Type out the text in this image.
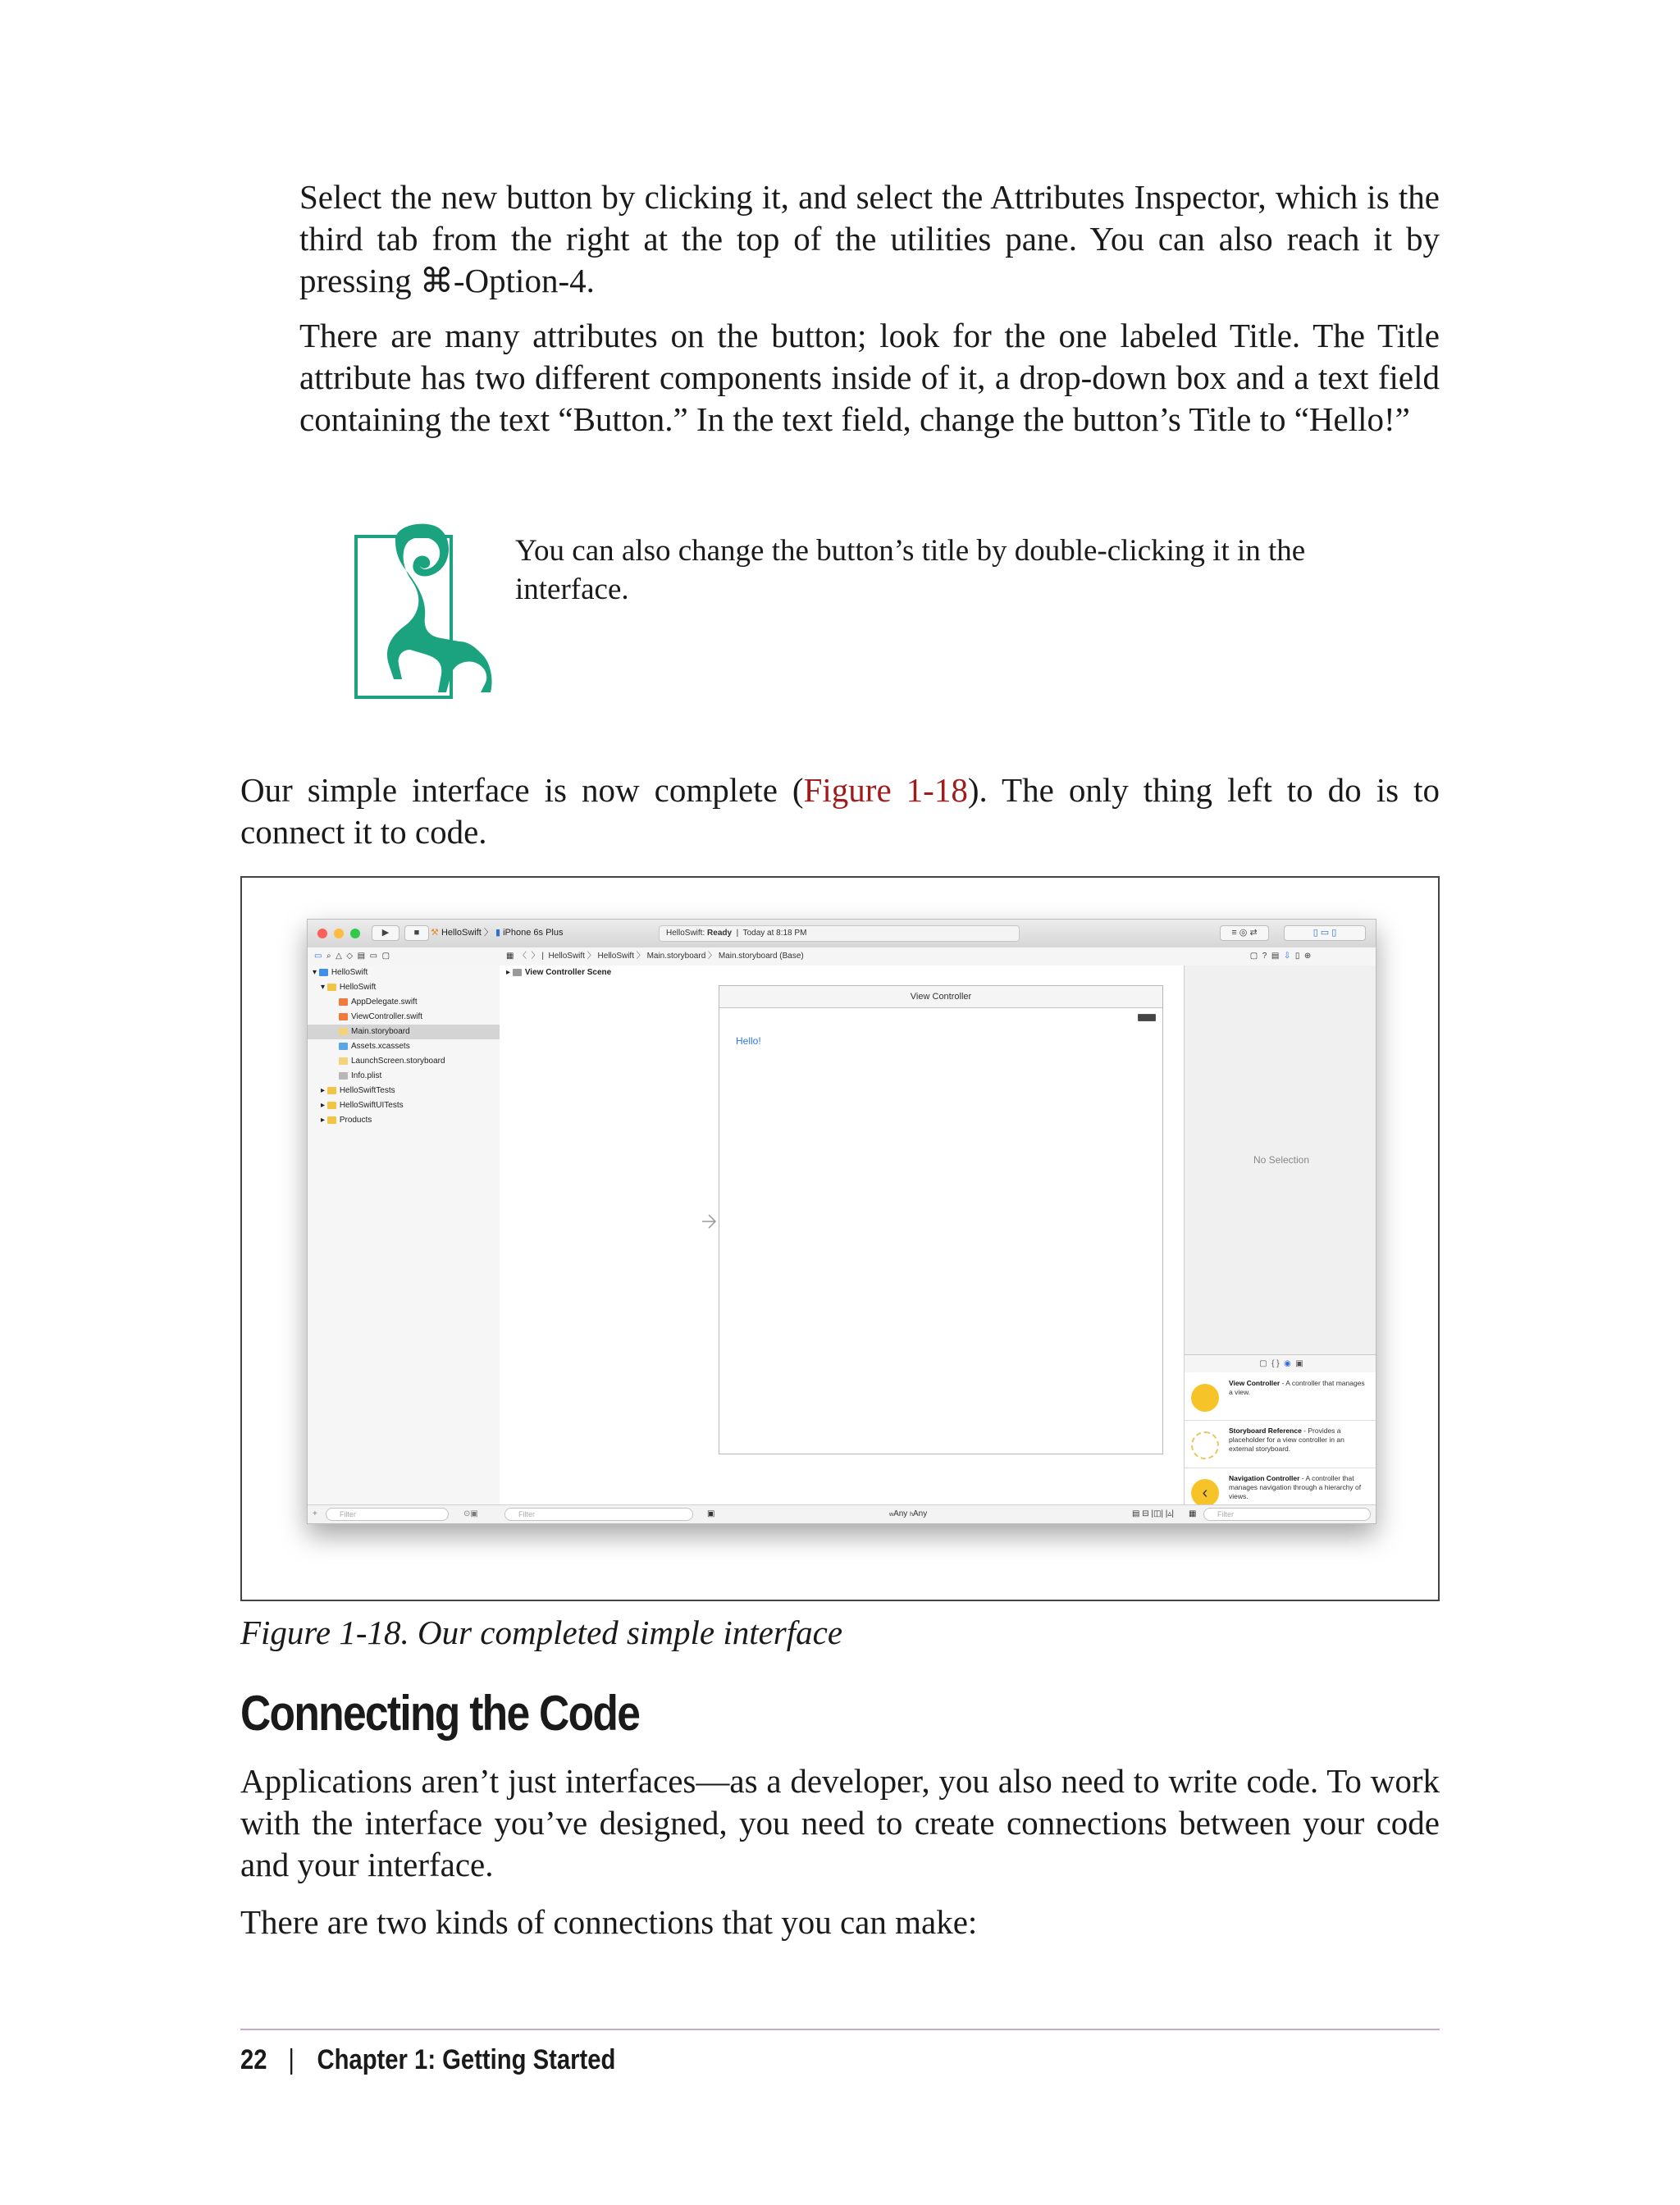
Select the new button by clicking it, and select the Attributes Inspector, which is the third tab from the right at the top of the utilities pane. You can also reach it by pressing ⌘-Option-4.

There are many attributes on the button; look for the one labeled Title. The Title attribute has two different components inside of it, a drop-down box and a text field containing the text “Button.” In the text field, change the button’s Title to “Hello!”

You can also change the button’s title by double-clicking it in the interface.

Our simple interface is now complete (Figure 1-18). The only thing left to do is to connect it to code.

▶	■	⚒ HelloSwift 〉 ▮ iPhone 6s Plus	HelloSwift: Ready  |  Today at 8:18 PM	≡ ◎ ⇄	▯ ▭ ▯
▭  ⌕  △  ◇  ▤  ▭  ▢	▦  〈  〉 |  HelloSwift 〉 HelloSwift 〉 Main.storyboard 〉 Main.storyboard (Base)	▢  ?  ▤  ⇩  ▯  ⊕
▾ HelloSwift
▾ HelloSwift
AppDelegate.swift
ViewController.swift
Main.storyboard
Assets.xcassets
LaunchScreen.storyboard
Info.plist
▸ HelloSwiftTests
▸ HelloSwiftUITests
▸ Products
▸ View Controller Scene
View Controller
Hello!
No Selection
▢  { }  ◉  ▣
View Controller - A controller that manages a view.
Storyboard Reference - Provides a placeholder for a view controller in an external storyboard.
‹
Navigation Controller - A controller that manages navigation through a hierarchy of views.
+	Filter	⊙▣	Filter	▣	wAny hAny	▤ ⊟ |◫| |▵|	▦	Filter
Figure 1-18. Our completed simple interface
Connecting the Code

Applications aren’t just interfaces—as a developer, you also need to write code. To work with the interface you’ve designed, you need to create connections between your code and your interface.

There are two kinds of connections that you can make:

22 | Chapter 1: Getting Started
